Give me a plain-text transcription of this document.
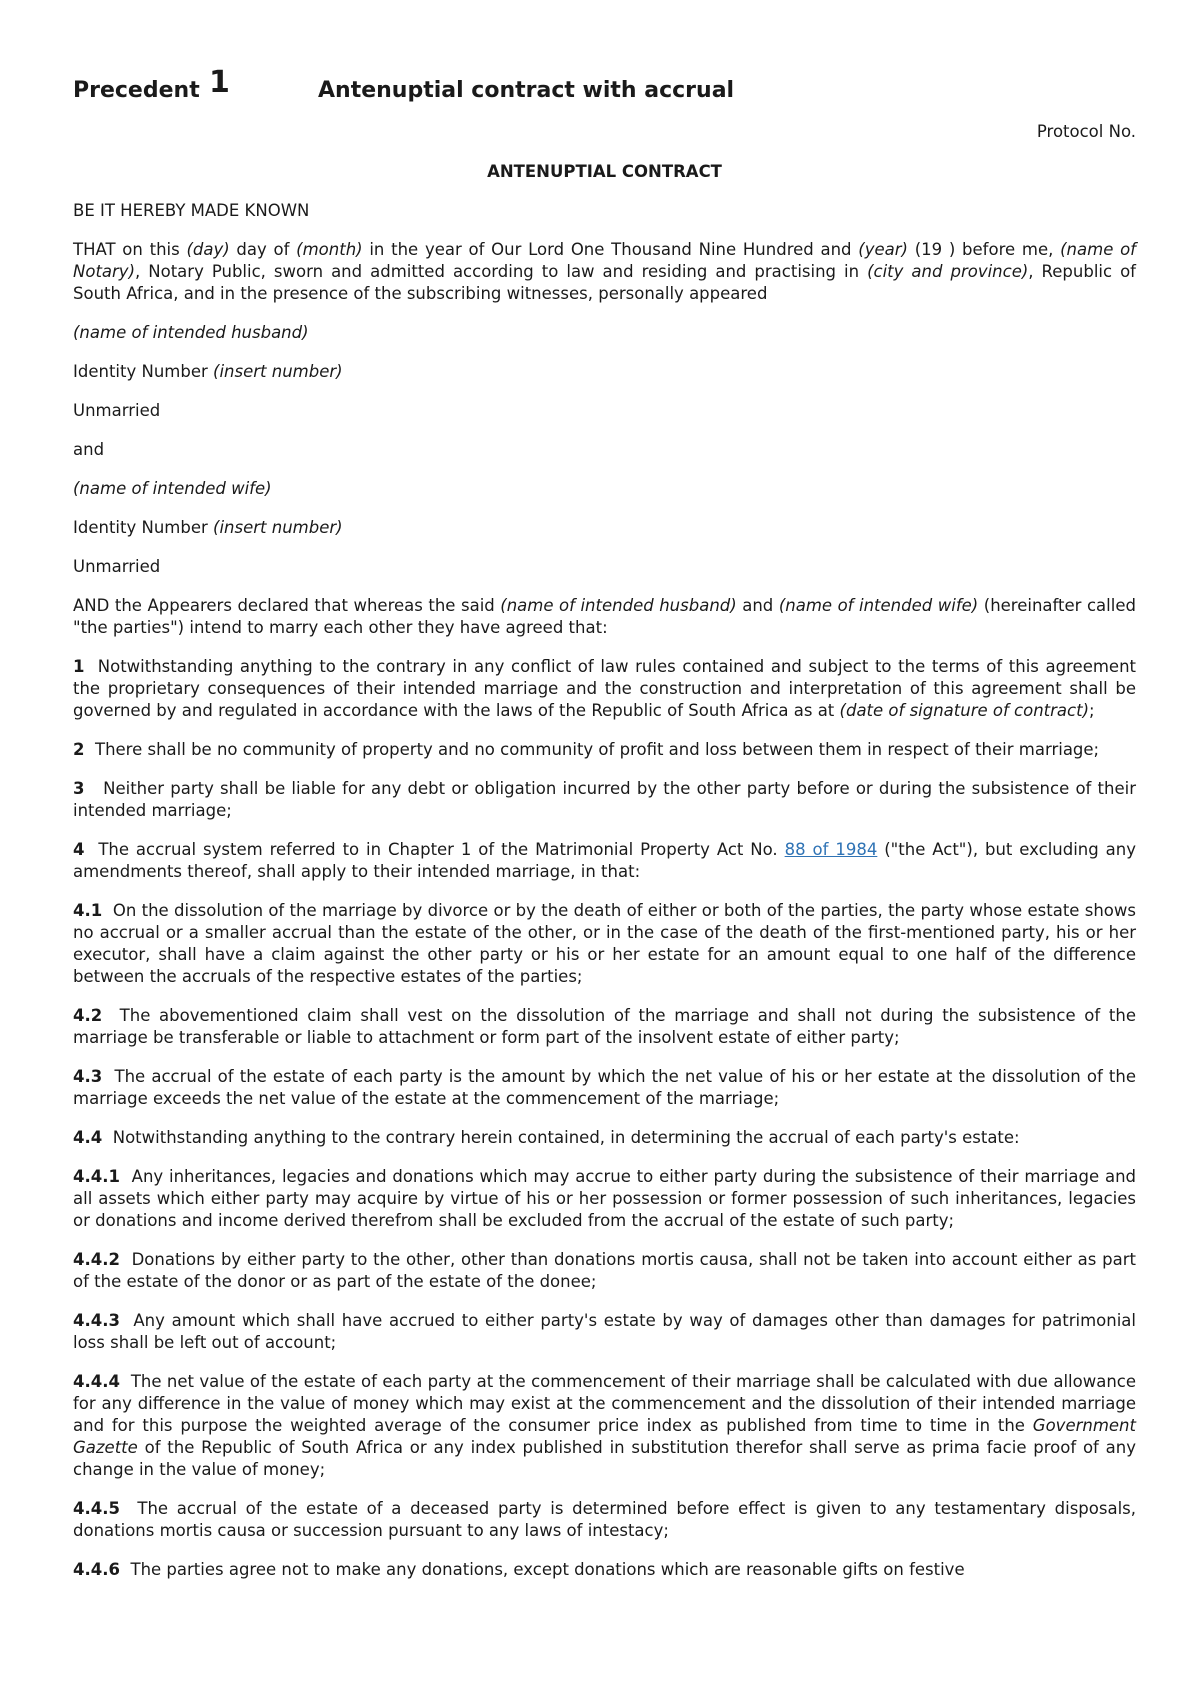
Precedent 1	Antenuptial contract with accrual

Protocol No.

ANTENUPTIAL CONTRACT

BE IT HEREBY MADE KNOWN

THAT on this (day) day of (month) in the year of Our Lord One Thousand Nine Hundred and (year) (19 ) before me, (name of Notary), Notary Public, sworn and admitted according to law and residing and practising in (city and province), Republic of South Africa, and in the presence of the subscribing witnesses, personally appeared

(name of intended husband)

Identity Number (insert number)

Unmarried

and

(name of intended wife)

Identity Number (insert number)

Unmarried

AND the Appearers declared that whereas the said (name of intended husband) and (name of intended wife) (hereinafter called "the parties") intend to marry each other they have agreed that:

1 Notwithstanding anything to the contrary in any conflict of law rules contained and subject to the terms of this agreement the proprietary consequences of their intended marriage and the construction and interpretation of this agreement shall be governed by and regulated in accordance with the laws of the Republic of South Africa as at (date of signature of contract);

2 There shall be no community of property and no community of profit and loss between them in respect of their marriage;

3 Neither party shall be liable for any debt or obligation incurred by the other party before or during the subsistence of their intended marriage;

4 The accrual system referred to in Chapter 1 of the Matrimonial Property Act No. 88 of 1984 ("the Act"), but excluding any amendments thereof, shall apply to their intended marriage, in that:

4.1 On the dissolution of the marriage by divorce or by the death of either or both of the parties, the party whose estate shows no accrual or a smaller accrual than the estate of the other, or in the case of the death of the first-mentioned party, his or her executor, shall have a claim against the other party or his or her estate for an amount equal to one half of the difference between the accruals of the respective estates of the parties;

4.2 The abovementioned claim shall vest on the dissolution of the marriage and shall not during the subsistence of the marriage be transferable or liable to attachment or form part of the insolvent estate of either party;

4.3 The accrual of the estate of each party is the amount by which the net value of his or her estate at the dissolution of the marriage exceeds the net value of the estate at the commencement of the marriage;

4.4 Notwithstanding anything to the contrary herein contained, in determining the accrual of each party's estate:

4.4.1 Any inheritances, legacies and donations which may accrue to either party during the subsistence of their marriage and all assets which either party may acquire by virtue of his or her possession or former possession of such inheritances, legacies or donations and income derived therefrom shall be excluded from the accrual of the estate of such party;

4.4.2 Donations by either party to the other, other than donations mortis causa, shall not be taken into account either as part of the estate of the donor or as part of the estate of the donee;

4.4.3 Any amount which shall have accrued to either party's estate by way of damages other than damages for patrimonial loss shall be left out of account;

4.4.4 The net value of the estate of each party at the commencement of their marriage shall be calculated with due allowance for any difference in the value of money which may exist at the commencement and the dissolution of their intended marriage and for this purpose the weighted average of the consumer price index as published from time to time in the Government Gazette of the Republic of South Africa or any index published in substitution therefor shall serve as prima facie proof of any change in the value of money;

4.4.5 The accrual of the estate of a deceased party is determined before effect is given to any testamentary disposals, donations mortis causa or succession pursuant to any laws of intestacy;

4.4.6 The parties agree not to make any donations, except donations which are reasonable gifts on festive
